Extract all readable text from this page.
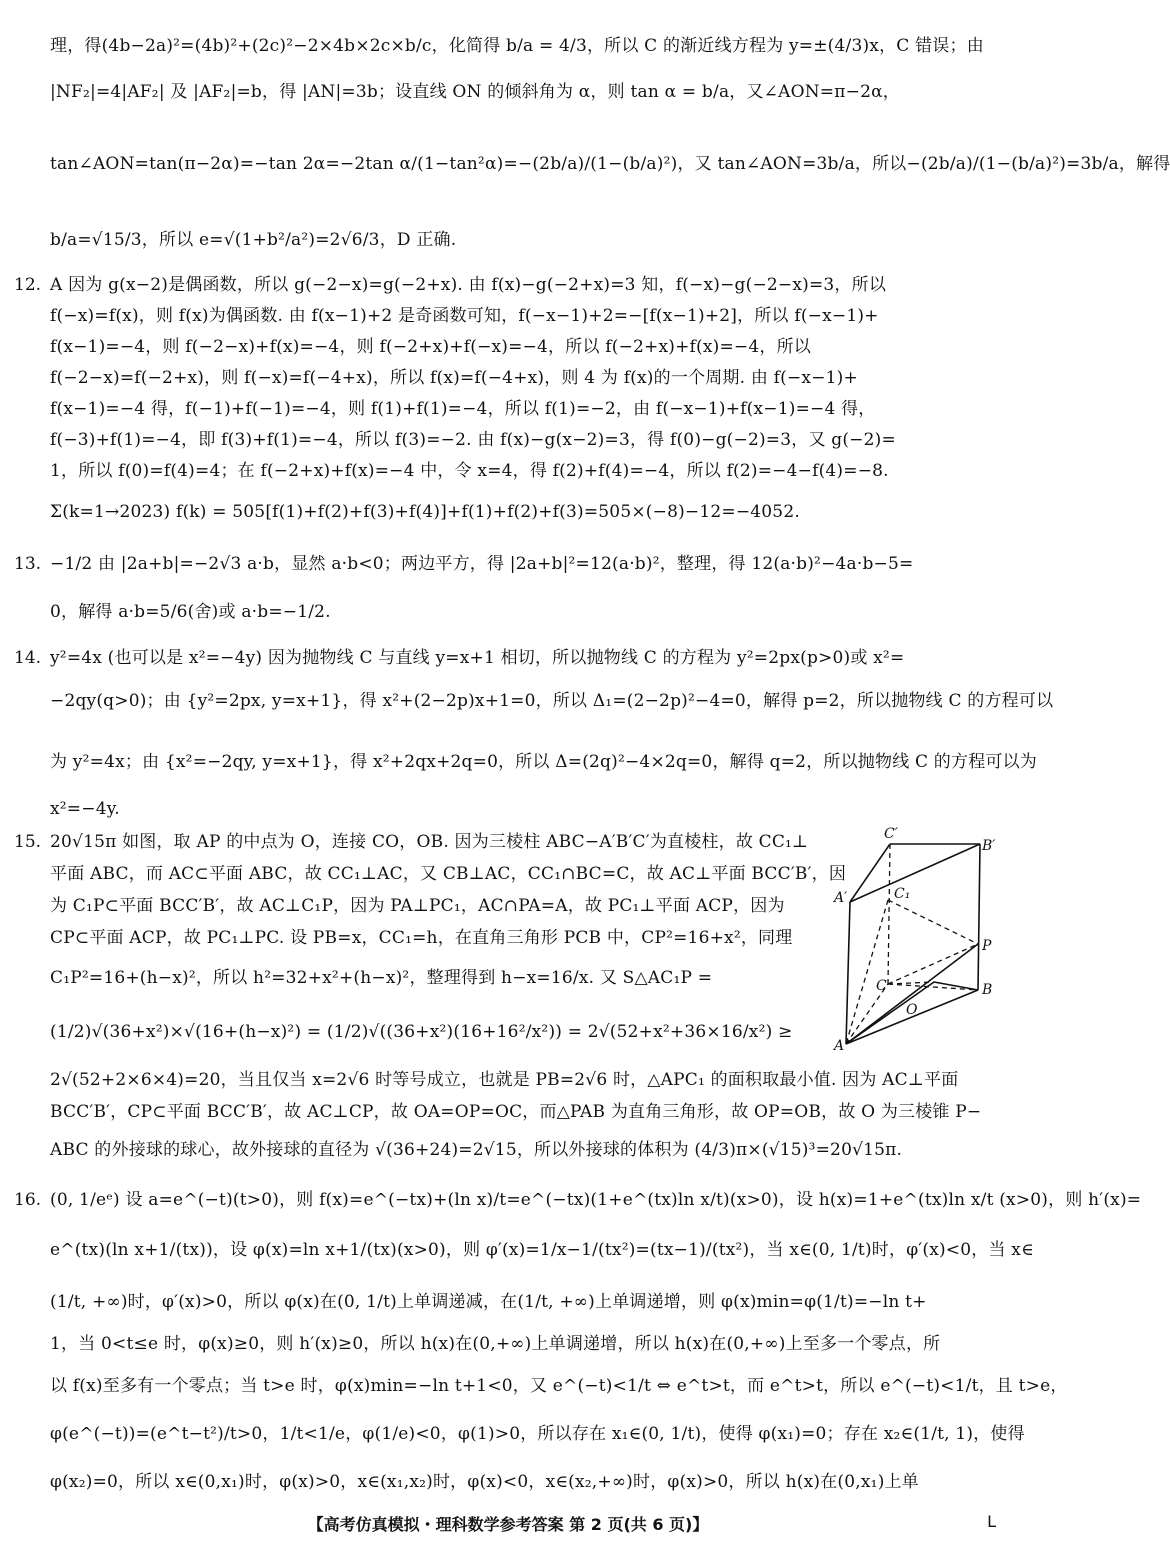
理，得(4b−2a)²=(4b)²+(2c)²−2×4b×2c×b/c，化简得 b/a = 4/3，所以 C 的渐近线方程为 y=±(4/3)x，C 错误；由
|NF₂|=4|AF₂| 及 |AF₂|=b，得 |AN|=3b；设直线 ON 的倾斜角为 α，则 tan α = b/a，又∠AON=π−2α，
tan∠AON=tan(π−2α)=−tan 2α=−2tan α/(1−tan²α)=−(2b/a)/(1−(b/a)²)，又 tan∠AON=3b/a，所以−(2b/a)/(1−(b/a)²)=3b/a，解得
b/a=√15/3，所以 e=√(1+b²/a²)=2√6/3，D 正确.
12. A 因为 g(x−2)是偶函数，所以 g(−2−x)=g(−2+x). 由 f(x)−g(−2+x)=3 知，f(−x)−g(−2−x)=3，所以
f(−x)=f(x)，则 f(x)为偶函数. 由 f(x−1)+2 是奇函数可知，f(−x−1)+2=−[f(x−1)+2]，所以 f(−x−1)+
f(x−1)=−4，则 f(−2−x)+f(x)=−4，则 f(−2+x)+f(−x)=−4，所以 f(−2+x)+f(x)=−4，所以
f(−2−x)=f(−2+x)，则 f(−x)=f(−4+x)，所以 f(x)=f(−4+x)，则 4 为 f(x)的一个周期. 由 f(−x−1)+
f(x−1)=−4 得，f(−1)+f(−1)=−4，则 f(1)+f(1)=−4，所以 f(1)=−2，由 f(−x−1)+f(x−1)=−4 得，
f(−3)+f(1)=−4，即 f(3)+f(1)=−4，所以 f(3)=−2. 由 f(x)−g(x−2)=3，得 f(0)−g(−2)=3，又 g(−2)=
1，所以 f(0)=f(4)=4；在 f(−2+x)+f(x)=−4 中，令 x=4，得 f(2)+f(4)=−4，所以 f(2)=−4−f(4)=−8.
Σ(k=1→2023) f(k) = 505[f(1)+f(2)+f(3)+f(4)]+f(1)+f(2)+f(3)=505×(−8)−12=−4052.
13. −1/2 由 |2a+b|=−2√3 a·b，显然 a·b<0；两边平方，得 |2a+b|²=12(a·b)²，整理，得 12(a·b)²−4a·b−5=
0，解得 a·b=5/6(舍)或 a·b=−1/2.
14. y²=4x (也可以是 x²=−4y) 因为抛物线 C 与直线 y=x+1 相切，所以抛物线 C 的方程为 y²=2px(p>0)或 x²=
−2qy(q>0)；由 {y²=2px, y=x+1}，得 x²+(2−2p)x+1=0，所以 Δ₁=(2−2p)²−4=0，解得 p=2，所以抛物线 C 的方程可以
为 y²=4x；由 {x²=−2qy, y=x+1}，得 x²+2qx+2q=0，所以 Δ=(2q)²−4×2q=0，解得 q=2，所以抛物线 C 的方程可以为
x²=−4y.
15. 20√15π 如图，取 AP 的中点为 O，连接 CO，OB. 因为三棱柱 ABC−A′B′C′为直棱柱，故 CC₁⊥
平面 ABC，而 AC⊂平面 ABC，故 CC₁⊥AC，又 CB⊥AC，CC₁∩BC=C，故 AC⊥平面 BCC′B′，因
为 C₁P⊂平面 BCC′B′，故 AC⊥C₁P，因为 PA⊥PC₁，AC∩PA=A，故 PC₁⊥平面 ACP，因为
CP⊂平面 ACP，故 PC₁⊥PC. 设 PB=x，CC₁=h，在直角三角形 PCB 中，CP²=16+x²，同理
C₁P²=16+(h−x)²，所以 h²=32+x²+(h−x)²，整理得到 h−x=16/x. 又 S△AC₁P =
(1/2)√(36+x²)×√(16+(h−x)²) = (1/2)√((36+x²)(16+16²/x²)) = 2√(52+x²+36×16/x²) ≥
2√(52+2×6×4)=20，当且仅当 x=2√6 时等号成立，也就是 PB=2√6 时，△APC₁ 的面积取最小值. 因为 AC⊥平面
BCC′B′，CP⊂平面 BCC′B′，故 AC⊥CP，故 OA=OP=OC，而△PAB 为直角三角形，故 OP=OB，故 O 为三棱锥 P−
ABC 的外接球的球心，故外接球的直径为 √(36+24)=2√15，所以外接球的体积为 (4/3)π×(√15)³=20√15π.
16. (0, 1/eᵉ) 设 a=e^(−t)(t>0)，则 f(x)=e^(−tx)+(ln x)/t=e^(−tx)(1+e^(tx)ln x/t)(x>0)，设 h(x)=1+e^(tx)ln x/t (x>0)，则 h′(x)=
e^(tx)(ln x+1/(tx))，设 φ(x)=ln x+1/(tx)(x>0)，则 φ′(x)=1/x−1/(tx²)=(tx−1)/(tx²)，当 x∈(0, 1/t)时，φ′(x)<0，当 x∈
(1/t, +∞)时，φ′(x)>0，所以 φ(x)在(0, 1/t)上单调递减，在(1/t, +∞)上单调递增，则 φ(x)min=φ(1/t)=−ln t+
1，当 0<t≤e 时，φ(x)≥0，则 h′(x)≥0，所以 h(x)在(0,+∞)上单调递增，所以 h(x)在(0,+∞)上至多一个零点，所
以 f(x)至多有一个零点；当 t>e 时，φ(x)min=−ln t+1<0，又 e^(−t)<1/t ⇔ e^t>t，而 e^t>t，所以 e^(−t)<1/t，且 t>e，
φ(e^(−t))=(e^t−t²)/t>0，1/t<1/e，φ(1/e)<0，φ(1)>0，所以存在 x₁∈(0, 1/t)，使得 φ(x₁)=0；存在 x₂∈(1/t, 1)，使得
φ(x₂)=0，所以 x∈(0,x₁)时，φ(x)>0，x∈(x₁,x₂)时，φ(x)<0，x∈(x₂,+∞)时，φ(x)>0，所以 h(x)在(0,x₁)上单
C′
B′
A′	C₁
P
C	B
O
A
【高考仿真模拟・理科数学参考答案 第 2 页(共 6 页)】	L
